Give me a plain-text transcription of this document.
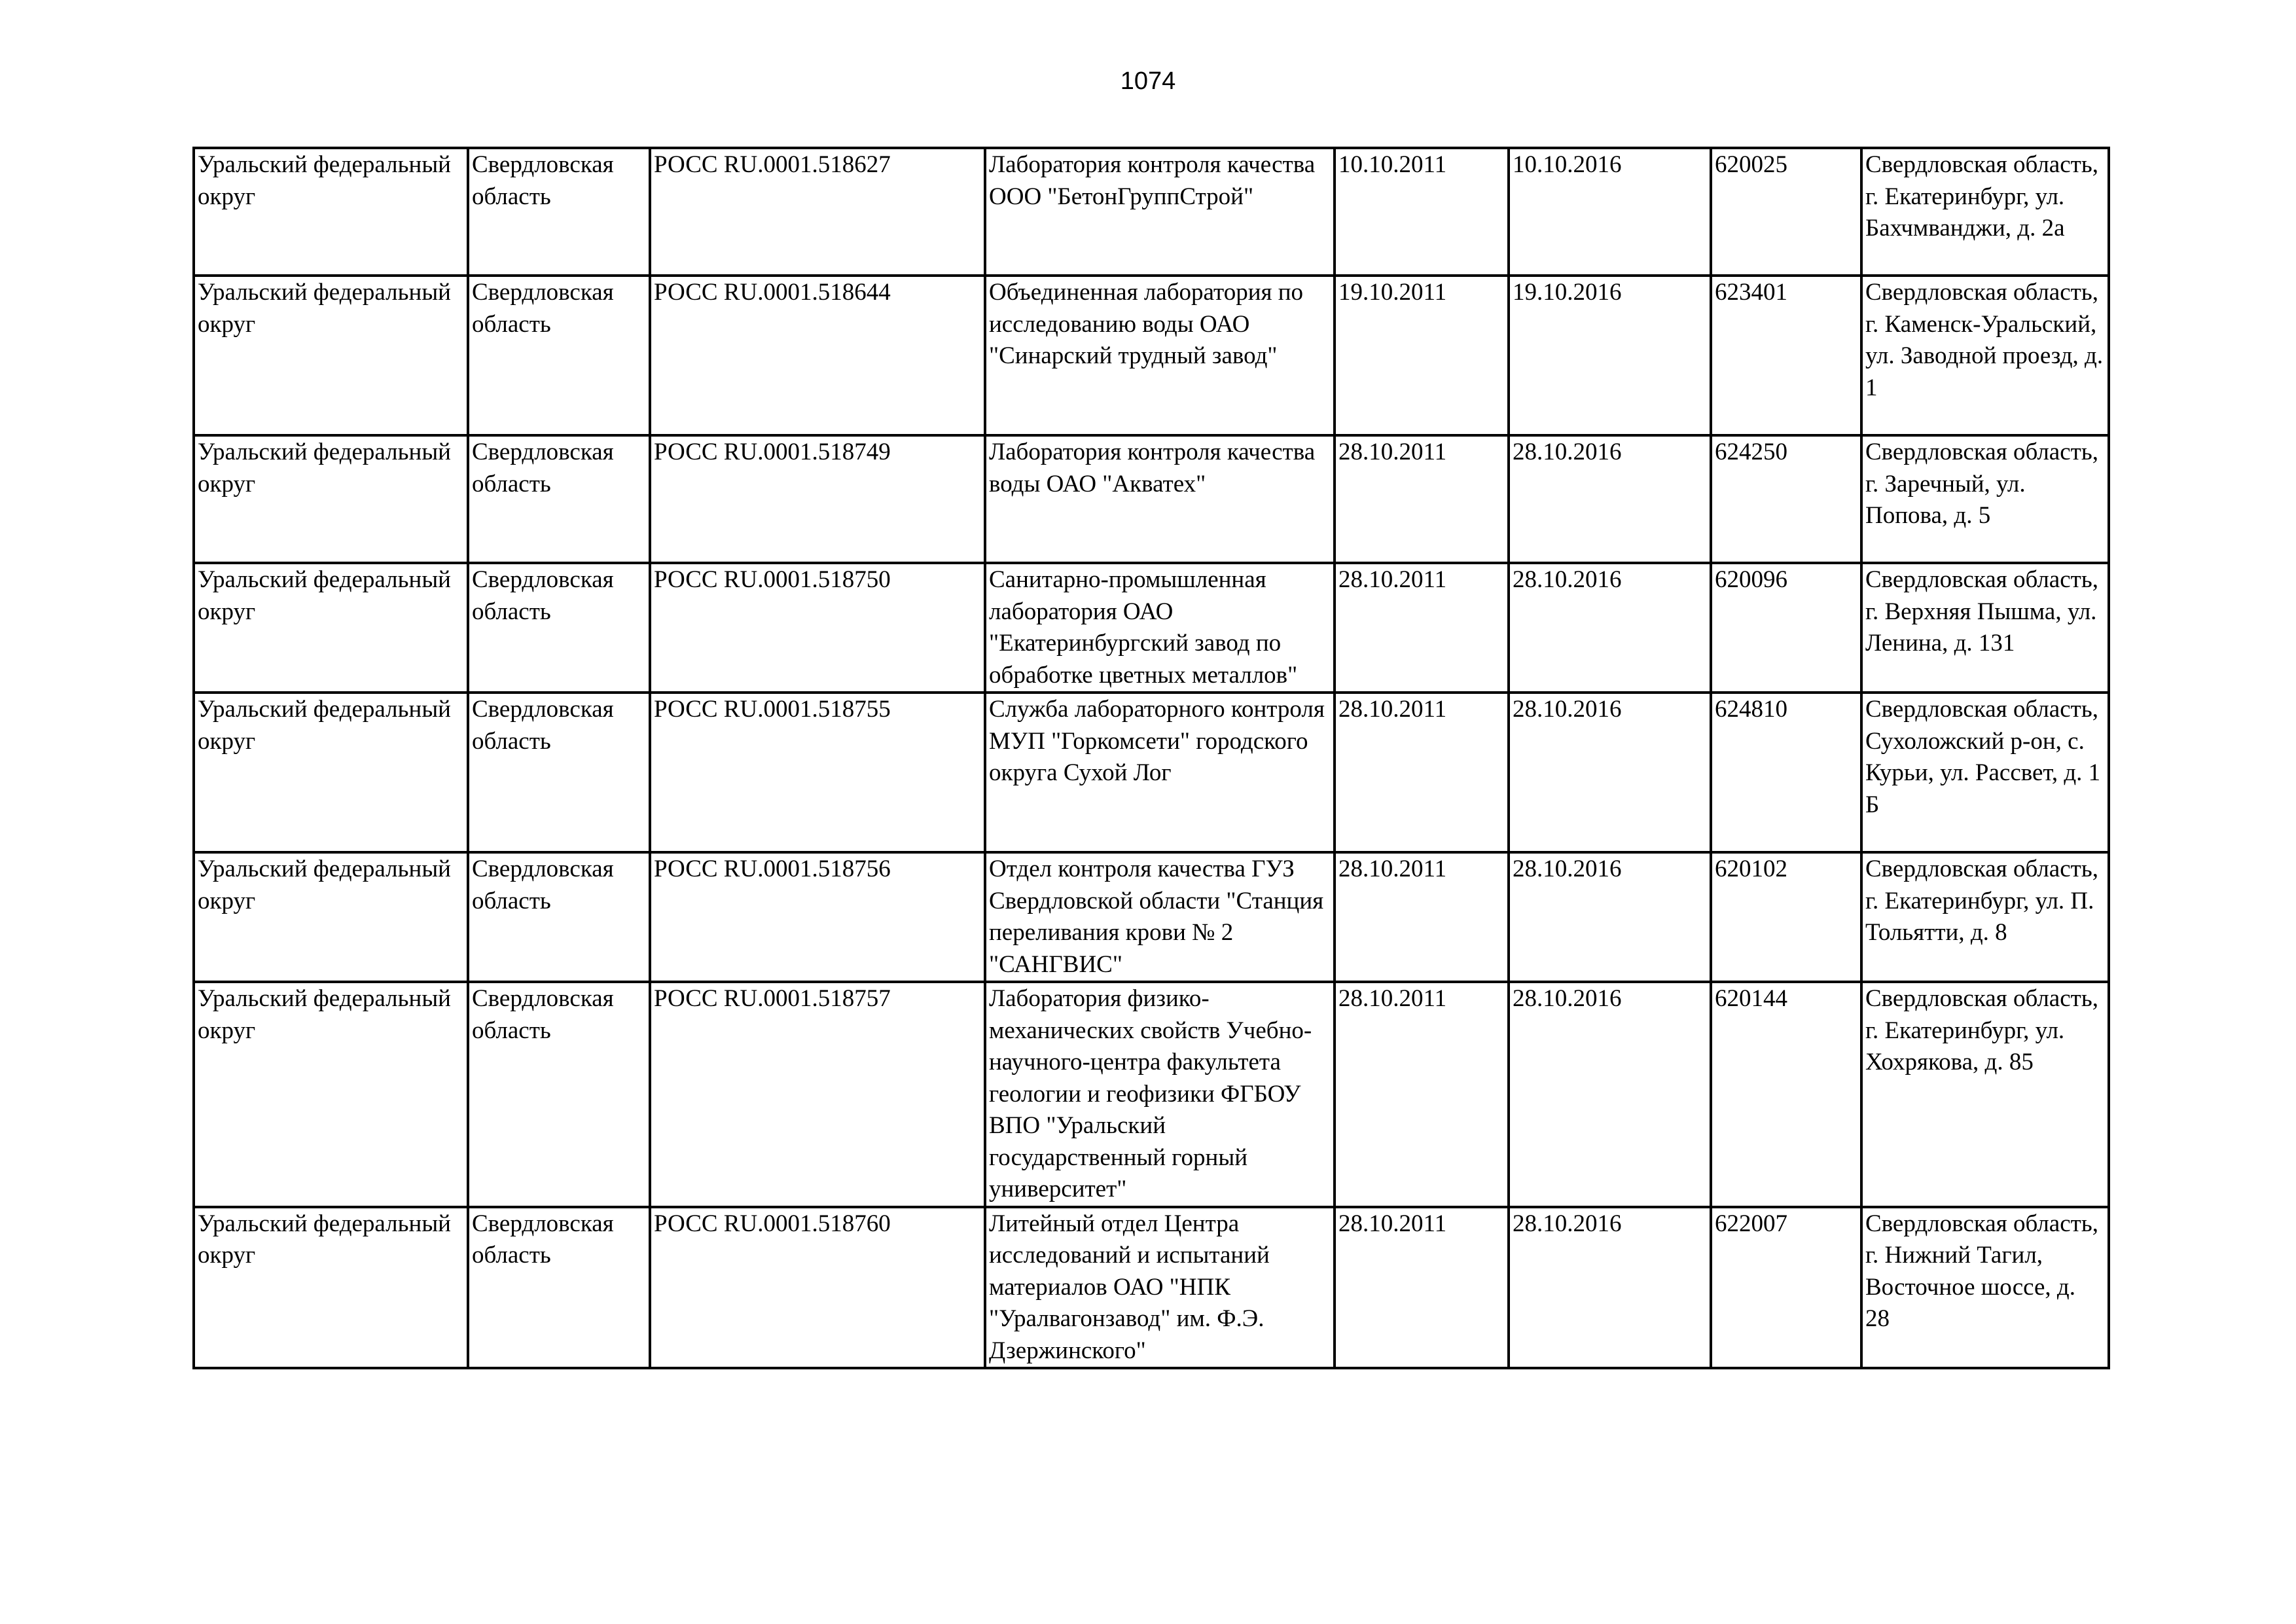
1074
Уральский федеральный округ	Свердловская область	РОСС RU.0001.518627	Лаборатория контроля качества ООО "БетонГруппСтрой"	10.10.2011	10.10.2016	620025	Свердловская область, г. Екатеринбург, ул. Бахчмванджи, д. 2а
Уральский федеральный округ	Свердловская область	РОСС RU.0001.518644	Объединенная лаборатория по исследованию воды ОАО "Синарский трудный завод"	19.10.2011	19.10.2016	623401	Свердловская область, г. Каменск-Уральский, ул. Заводной проезд, д. 1
Уральский федеральный округ	Свердловская область	РОСС RU.0001.518749	Лаборатория контроля качества воды ОАО "Акватех"	28.10.2011	28.10.2016	624250	Свердловская область, г. Заречный, ул. Попова, д. 5
Уральский федеральный округ	Свердловская область	РОСС RU.0001.518750	Санитарно-промышленная лаборатория ОАО "Екатеринбургский завод по обработке цветных металлов"	28.10.2011	28.10.2016	620096	Свердловская область, г. Верхняя Пышма, ул. Ленина, д. 131
Уральский федеральный округ	Свердловская область	РОСС RU.0001.518755	Служба лабораторного контроля МУП "Горкомсети" городского округа Сухой Лог	28.10.2011	28.10.2016	624810	Свердловская область, Сухоложский р-он, с. Курьи, ул. Рассвет, д. 1 Б
Уральский федеральный округ	Свердловская область	РОСС RU.0001.518756	Отдел контроля качества ГУЗ Свердловской области "Станция переливания крови № 2 "САНГВИС"	28.10.2011	28.10.2016	620102	Свердловская область, г. Екатеринбург, ул. П. Тольятти, д. 8
Уральский федеральный округ	Свердловская область	РОСС RU.0001.518757	Лаборатория физико-механических свойств Учебно-научного-центра факультета геологии и геофизики ФГБОУ ВПО "Уральский государственный горный университет"	28.10.2011	28.10.2016	620144	Свердловская область, г. Екатеринбург, ул. Хохрякова, д. 85
Уральский федеральный округ	Свердловская область	РОСС RU.0001.518760	Литейный отдел Центра исследований и испытаний материалов ОАО "НПК "Уралвагонзавод" им. Ф.Э. Дзержинского"	28.10.2011	28.10.2016	622007	Свердловская область, г. Нижний Тагил, Восточное шоссе, д. 28
